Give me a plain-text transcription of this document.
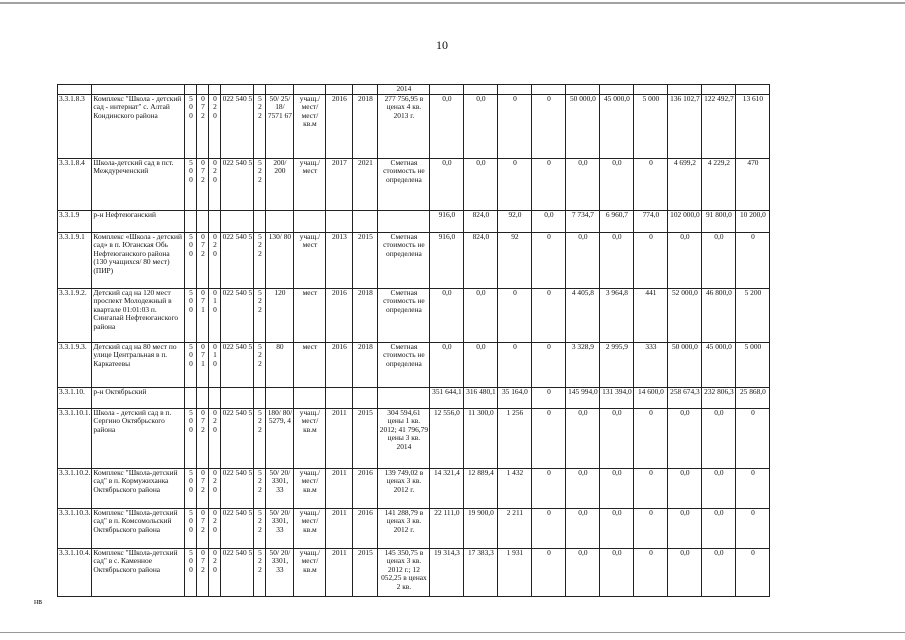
10
											2014										
3.3.1.8.3	Комплекс "Школа - детский сад - интернат" с. Алтай Кондинского района	5 0 0	0 7 2	0 2 0	022 540 5	5 2 2	50/ 25/ 18/ 7571 67	учащ./ мест/ мест/ кв.м	2016	2018	277 756,95 в ценах 4 кв. 2013 г.	0,0	0,0	0	0	50 000,0	45 000,0	5 000	136 102,7	122 492,7	13 610
3.3.1.8.4	Школа-детский сад в пст. Междуреченский	5 0 0	0 7 2	0 2 0	022 540 5	5 2 2	200/ 200	учащ./ мест	2017	2021	Сметная стоимость не определена	0,0	0,0	0	0	0,0	0,0	0	4 699,2	4 229,2	470
3.3.1.9	р-н Нефтеюганский											916,0	824,0	92,0	0,0	7 734,7	6 960,7	774,0	102 000,0	91 800,0	10 200,0
3.3.1.9.1	Комплекс «Школа - детский сад» в п. Юганская Обь Нефтеюганского района (130 учащихся/ 80 мест) (ПИР)	5 0 0	0 7 2	0 2 0	022 540 5	5 2 2	130/ 80	учащ./ мест	2013	2015	Сметная стоимость не определена	916,0	824,0	92	0	0,0	0,0	0	0,0	0,0	0
3.3.1.9.2.	Детский сад на 120 мест проспект Молодежный в квартале 01:01:03 п. Сингапай Нефтеюганского района	5 0 0	0 7 1	0 1 0	022 540 5	5 2 2	120	мест	2016	2018	Сметная стоимость не определена	0,0	0,0	0	0	4 405,8	3 964,8	441	52 000,0	46 800,0	5 200
3.3.1.9.3.	Детский сад на 80 мест по улице Центральная в п. Каркатеевы	5 0 0	0 7 1	0 1 0	022 540 5	5 2 2	80	мест	2016	2018	Сметная стоимость не определена	0,0	0,0	0	0	3 328,9	2 995,9	333	50 000,0	45 000,0	5 000
3.3.1.10.	р-н Октябрьский											351 644,1	316 480,1	35 164,0	0	145 994,0	131 394,0	14 600,0	258 674,3	232 806,3	25 868,0
3.3.1.10.1.	Школа - детский сад в п. Сергино Октябрьского района	5 0 0	0 7 2	0 2 0	022 540 5	5 2 2	180/ 80/ 5279, 4	учащ./ мест/ кв.м	2011	2015	304 594,61 цены 1 кв. 2012; 41 796,79 цены 3 кв. 2014	12 556,0	11 300,0	1 256	0	0,0	0,0	0	0,0	0,0	0
3.3.1.10.2.	Комплекс "Школа-детский сад" в п. Кормужиханка Октябрьского района	5 0 0	0 7 2	0 2 0	022 540 5	5 2 2	50/ 20/ 3301, 33	учащ./ мест/ кв.м	2011	2016	139 749,02 в ценах 3 кв. 2012 г.	14 321,4	12 889,4	1 432	0	0,0	0,0	0	0,0	0,0	0
3.3.1.10.3.	Комплекс "Школа-детский сад" в п. Комсомольский Октябрьского района	5 0 0	0 7 2	0 2 0	022 540 5	5 2 2	50/ 20/ 3301, 33	учащ./ мест/ кв.м	2011	2016	141 288,79 в ценах 3 кв. 2012 г.	22 111,0	19 900,0	2 211	0	0,0	0,0	0	0,0	0,0	0
3.3.1.10.4.	Комплекс "Школа-детский сад" в с. Каменное Октябрьского района	5 0 0	0 7 2	0 2 0	022 540 5	5 2 2	50/ 20/ 3301, 33	учащ./ мест/ кв.м	2011	2015	145 350,75 в ценах 3 кв. 2012 г.; 12 052,25 в ценах 2 кв.	19 314,3	17 383,3	1 931	0	0,0	0,0	0	0,0	0,0	0
нв
